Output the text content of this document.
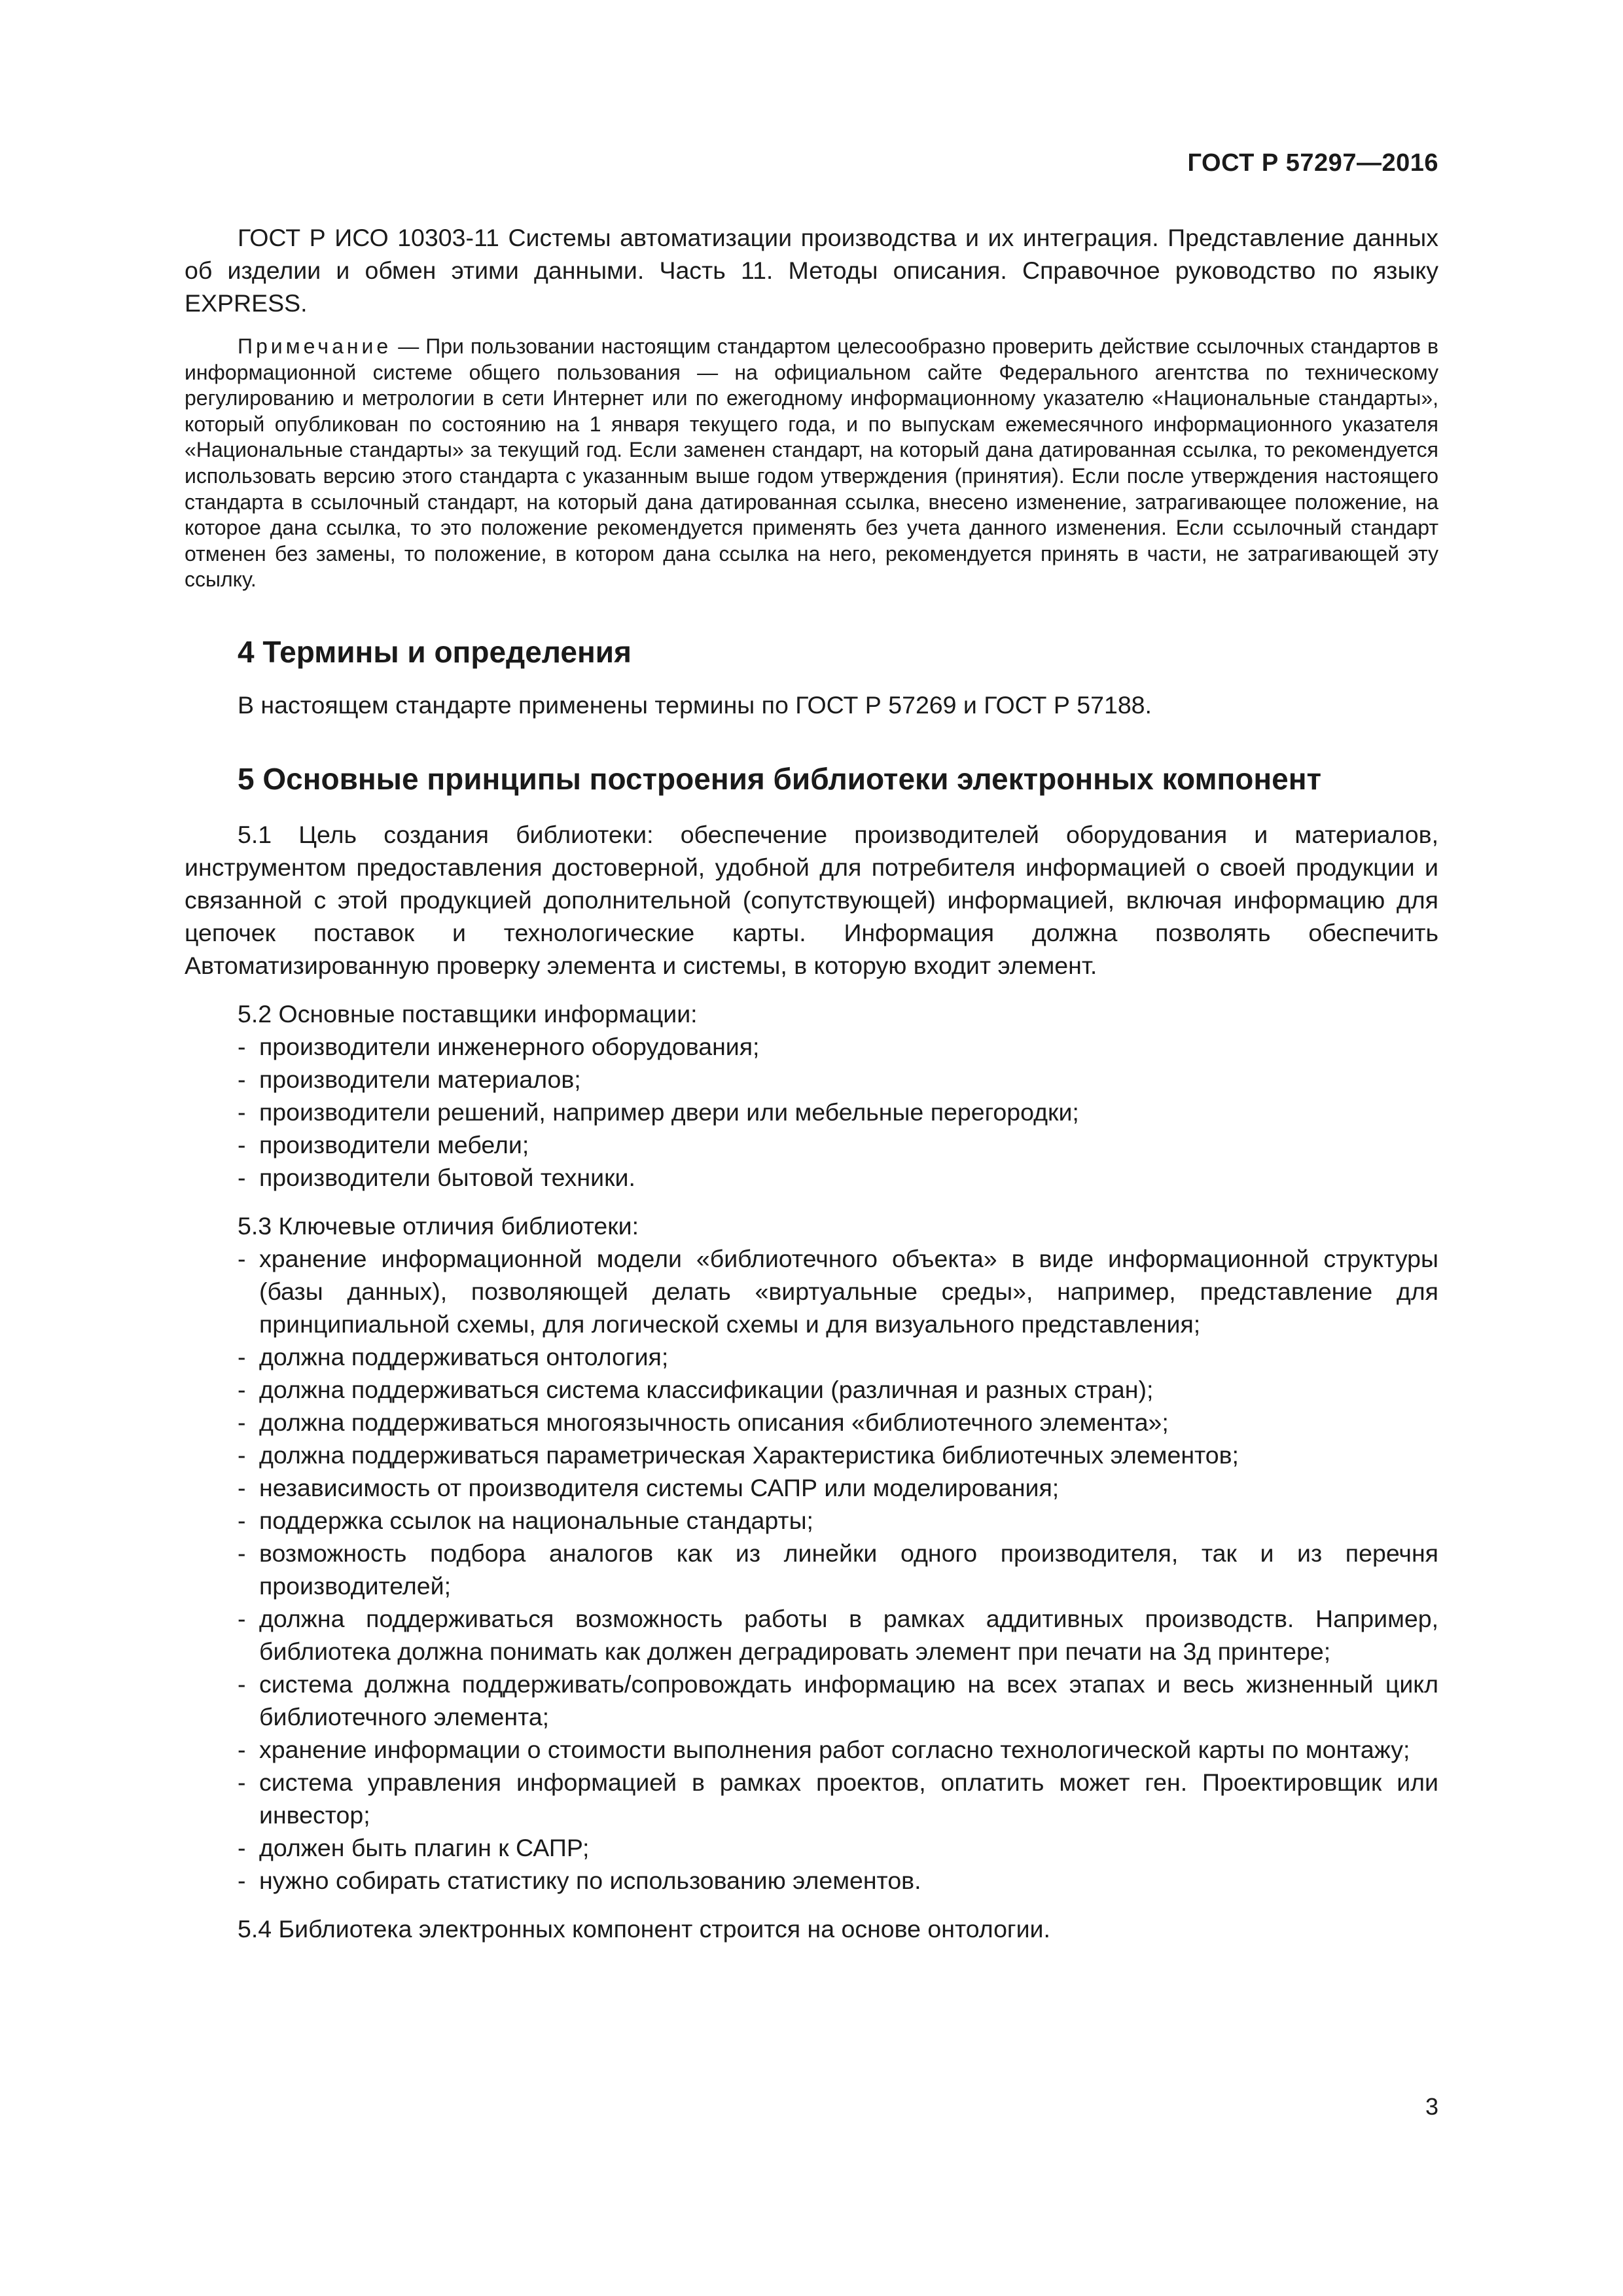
ГОСТ Р 57297—2016

ГОСТ Р ИСО 10303-11 Системы автоматизации производства и их интеграция. Представление данных об изделии и обмен этими данными. Часть 11. Методы описания. Справочное руководство по языку EXPRESS.

Примечание — При пользовании настоящим стандартом целесообразно проверить действие ссылочных стандартов в информационной системе общего пользования — на официальном сайте Федерального агентства по техническому регулированию и метрологии в сети Интернет или по ежегодному информационному указателю «Национальные стандарты», который опубликован по состоянию на 1 января текущего года, и по выпускам ежемесячного информационного указателя «Национальные стандарты» за текущий год. Если заменен стандарт, на который дана датированная ссылка, то рекомендуется использовать версию этого стандарта с указанным выше годом утверждения (принятия). Если после утверждения настоящего стандарта в ссылочный стандарт, на который дана датированная ссылка, внесено изменение, затрагивающее положение, на которое дана ссылка, то это положение рекомендуется применять без учета данного изменения. Если ссылочный стандарт отменен без замены, то положение, в котором дана ссылка на него, рекомендуется принять в части, не затрагивающей эту ссылку.

4 Термины и определения

В настоящем стандарте применены термины по ГОСТ Р 57269 и ГОСТ Р 57188.

5 Основные принципы построения библиотеки электронных компонент

5.1 Цель создания библиотеки: обеспечение производителей оборудования и материалов, инструментом предоставления достоверной, удобной для потребителя информацией о своей продукции и связанной с этой продукцией дополнительной (сопутствующей) информацией, включая информацию для цепочек поставок и технологические карты. Информация должна позволять обеспечить Автоматизированную проверку элемента и системы, в которую входит элемент.

5.2 Основные поставщики информации:

- производители инженерного оборудования;
- производители материалов;
- производители решений, например двери или мебельные перегородки;
- производители мебели;
- производители бытовой техники.

5.3 Ключевые отличия библиотеки:

- хранение информационной модели «библиотечного объекта» в виде информационной структуры (базы данных), позволяющей делать «виртуальные среды», например, представление для принципиальной схемы, для логической схемы и для визуального представления;
- должна поддерживаться онтология;
- должна поддерживаться система классификации (различная и разных стран);
- должна поддерживаться многоязычность описания «библиотечного элемента»;
- должна поддерживаться параметрическая Характеристика библиотечных элементов;
- независимость от производителя системы САПР или моделирования;
- поддержка ссылок на национальные стандарты;
- возможность подбора аналогов как из линейки одного производителя, так и из перечня производителей;
- должна поддерживаться возможность работы в рамках аддитивных производств. Например, библиотека должна понимать как должен деградировать элемент при печати на 3д принтере;
- система должна поддерживать/сопровождать информацию на всех этапах и весь жизненный цикл библиотечного элемента;
- хранение информации о стоимости выполнения работ согласно технологической карты по монтажу;
- система управления информацией в рамках проектов, оплатить может ген. Проектировщик или инвестор;
- должен быть плагин к САПР;
- нужно собирать статистику по использованию элементов.

5.4 Библиотека электронных компонент строится на основе онтологии.

3
